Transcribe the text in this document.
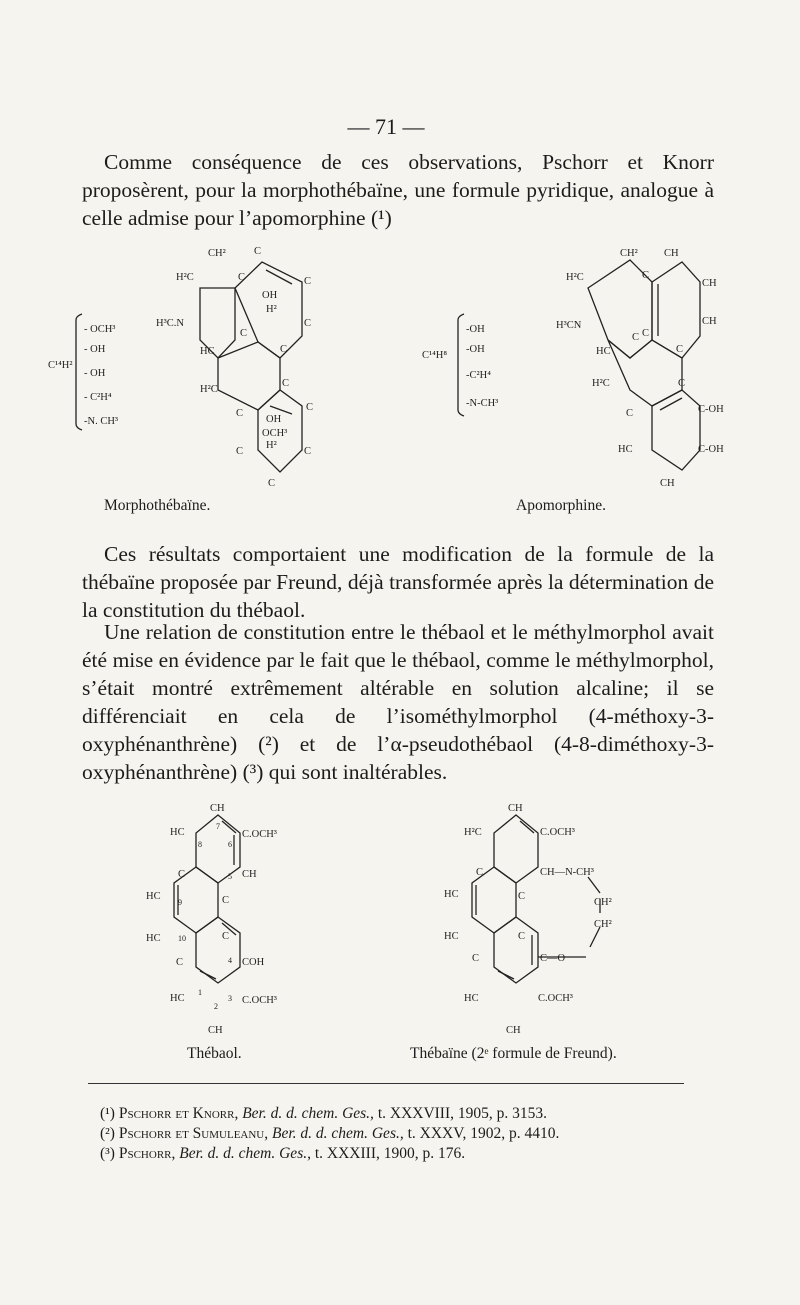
— 71 —
Comme conséquence de ces observations, Pschorr et Knorr proposèrent, pour la morphothébaïne, une formule pyridique, analogue à celle admise pour l’apomorphine (¹)
C¹⁴H²
- OCH³
- OH
- OH
- C²H⁴
-N. CH³
CH²	C
H²C	C	C
OH
H²
H³C.N	C
C
HC	C
H²C
C
C
OH
OCH³
C
H²
C	C
C
Morphothébaïne.
C¹⁴H⁸
-OH
-OH
-C²H⁴
-N-CH³
CH²	CH
H²C	C
CH
H³CN
C
CH
HC
C
C
H²C	C
C	C-OH
HC	C-OH
CH
Apomorphine.
Ces résultats comportaient une modification de la formule de la thébaïne proposée par Freund, déjà transformée après la détermination de la constitution du thébaol.
Une relation de constitution entre le thébaol et le méthylmorphol avait été mise en évidence par le fait que le thébaol, comme le méthylmorphol, s’était montré extrêmement altérable en solution alcaline; il se différenciait en cela de l’isométhylmorphol (4-méthoxy-3-oxyphénanthrène) (²) et de l’α-pseudothébaol (4-8-diméthoxy-3-oxyphénanthrène) (³) qui sont inaltérables.
CH
HC
7
8	6
C.OCH³
C	5 CH
HC
9	C
HC 10	C
C	4 COH
HC
1
3 C.OCH³
2
CH
Thébaol.
CH
H²C	C.OCH³
C	CH—N-CH³
HC	C
CH²
CH²
HC	C
C	C—O
HC	C.OCH³
CH
Thébaïne (2ᵉ formule de Freund).
(¹) Pschorr et Knorr, Ber. d. d. chem. Ges., t. XXXVIII, 1905, p. 3153.
(²) Pschorr et Sumuleanu, Ber. d. d. chem. Ges., t. XXXV, 1902, p. 4410.
(³) Pschorr, Ber. d. d. chem. Ges., t. XXXIII, 1900, p. 176.
